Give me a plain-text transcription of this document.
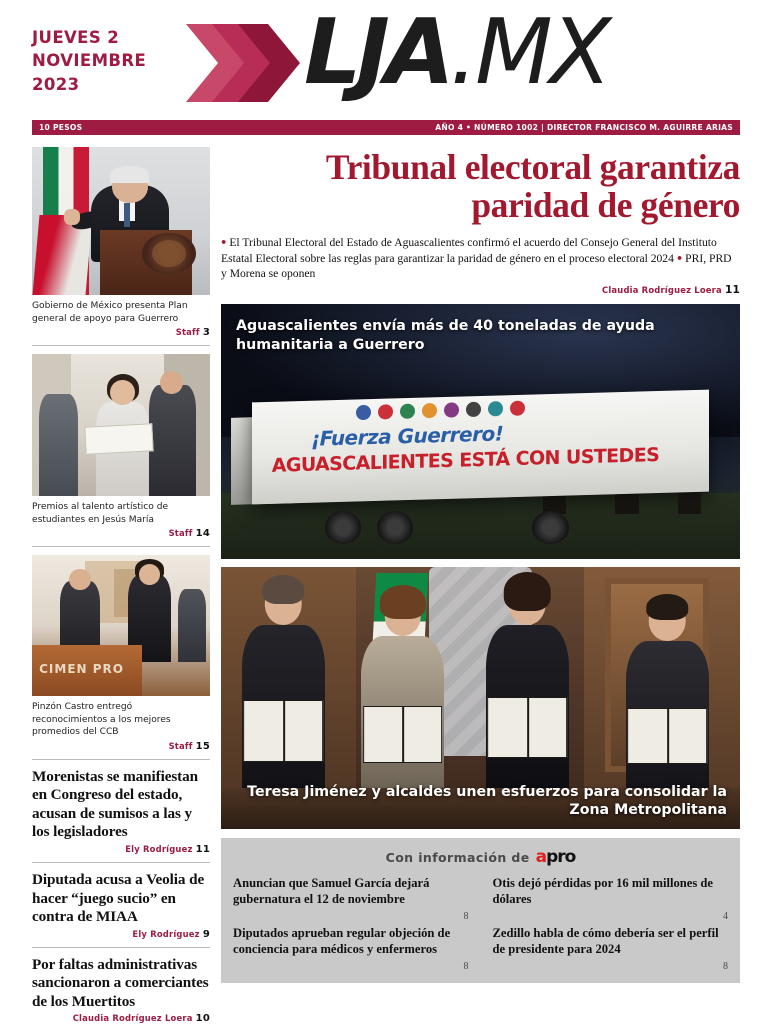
JUEVES 2
NOVIEMBRE
2023	LJA.MX
10 PESOS	AÑO 4 • NÚMERO 1002 | DIRECTOR FRANCISCO M. AGUIRRE ARIAS
Gobierno de México presenta Plan general de apoyo para Guerrero
Staff 3
Premios al talento artístico de estudiantes en Jesús María
Staff 14
CIMEN PRO
Pinzón Castro entregó reconocimientos a los mejores promedios del CCB
Staff 15
Morenistas se manifiestan en Congreso del estado, acusan de sumisos a las y los legisladores
Ely Rodríguez 11
Diputada acusa a Veolia de hacer “juego sucio” en contra de MIAA
Ely Rodríguez 9
Por faltas administrativas sancionaron a comerciantes de los Muertitos
Claudia Rodríguez Loera 10
Tribunal electoral garantiza
paridad de género
● El Tribunal Electoral del Estado de Aguascalientes confirmó el acuerdo del Consejo General del Instituto Estatal Electoral sobre las reglas para garantizar la paridad de género en el proceso electoral 2024 ● PRI, PRD y Morena se oponen
Claudia Rodríguez Loera 11
¡Fuerza Guerrero!
AGUASCALIENTES ESTÁ CON USTEDES
Aguascalientes envía más de 40 toneladas de ayuda humanitaria a Guerrero
Teresa Jiménez y alcaldes unen esfuerzos para consolidar la Zona Metropolitana
Con información de a pro
Anuncian que Samuel García dejará gubernatura el 12 de noviembre
8
Otis dejó pérdidas por 16 mil millones de dólares
4
Diputados aprueban regular objeción de conciencia para médicos y enfermeros
8
Zedillo habla de cómo debería ser el perfil de presidente para 2024
8
